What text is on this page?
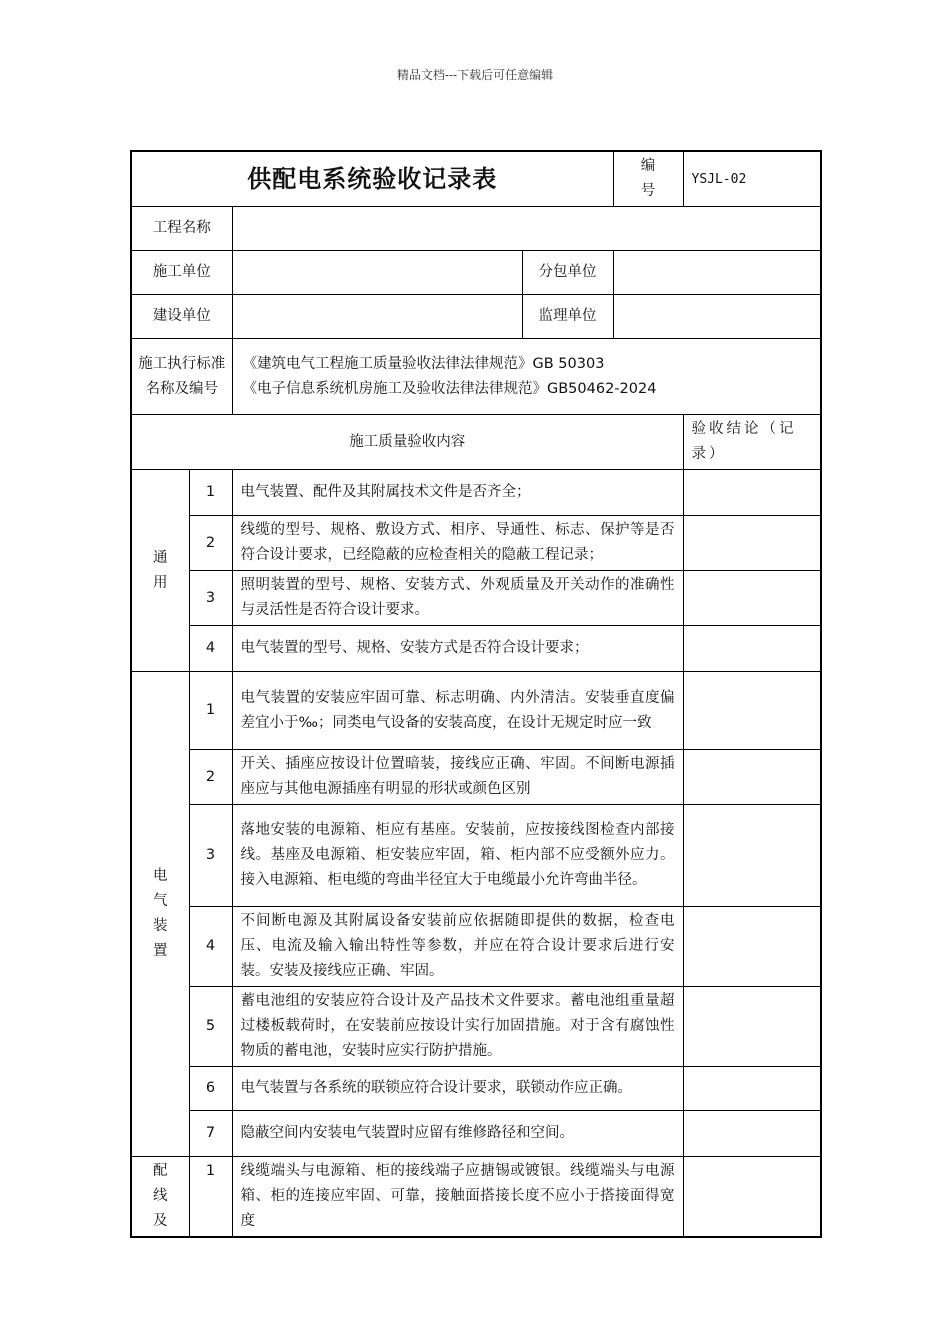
精品文档---下载后可任意编辑
供配电系统验收记录表				编　　号	YSJL-02
工程名称					
施工单位			分包单位		
建设单位			监理单位		
施工执行标准名称及编号		《建筑电气工程施工质量验收法律法律规范》GB 50303
《电子信息系统机房施工及验收法律法律规范》GB50462-2024			

施工质量验收内容					验收结论（记录）

通
用	1	电气装置、配件及其附属技术文件是否齐全；			
	2	线缆的型号、规格、敷设方式、相序、导通性、标志、保护等是否符合设计要求，已经隐蔽的应检查相关的隐蔽工程记录；			
	3	照明装置的型号、规格、安装方式、外观质量及开关动作的准确性与灵活性是否符合设计要求。			
	4	电气装置的型号、规格、安装方式是否符合设计要求；			

电
气
装
置	1	电气装置的安装应牢固可靠、标志明确、内外清洁。安装垂直度偏差宜小于‰；同类电气设备的安装高度，在设计无规定时应一致			
	2	开关、插座应按设计位置暗装，接线应正确、牢固。不间断电源插座应与其他电源插座有明显的形状或颜色区别			
	3	落地安装的电源箱、柜应有基座。安装前，应按接线图检查内部接线。基座及电源箱、柜安装应牢固，箱、柜内部不应受额外应力。接入电源箱、柜电缆的弯曲半径宜大于电缆最小允许弯曲半径。			
	4	不间断电源及其附属设备安装前应依据随即提供的数据，检查电压、电流及输入输出特性等参数，并应在符合设计要求后进行安装。安装及接线应正确、牢固。			
	5	蓄电池组的安装应符合设计及产品技术文件要求。蓄电池组重量超过楼板载荷时，在安装前应按设计实行加固措施。对于含有腐蚀性物质的蓄电池，安装时应实行防护措施。			
	6	电气装置与各系统的联锁应符合设计要求，联锁动作应正确。			
	7	隐蔽空间内安装电气装置时应留有维修路径和空间。			

配
线
及	1	线缆端头与电源箱、柜的接线端子应搪锡或镀银。线缆端头与电源箱、柜的连接应牢固、可靠，接触面搭接长度不应小于搭接面得宽度			
